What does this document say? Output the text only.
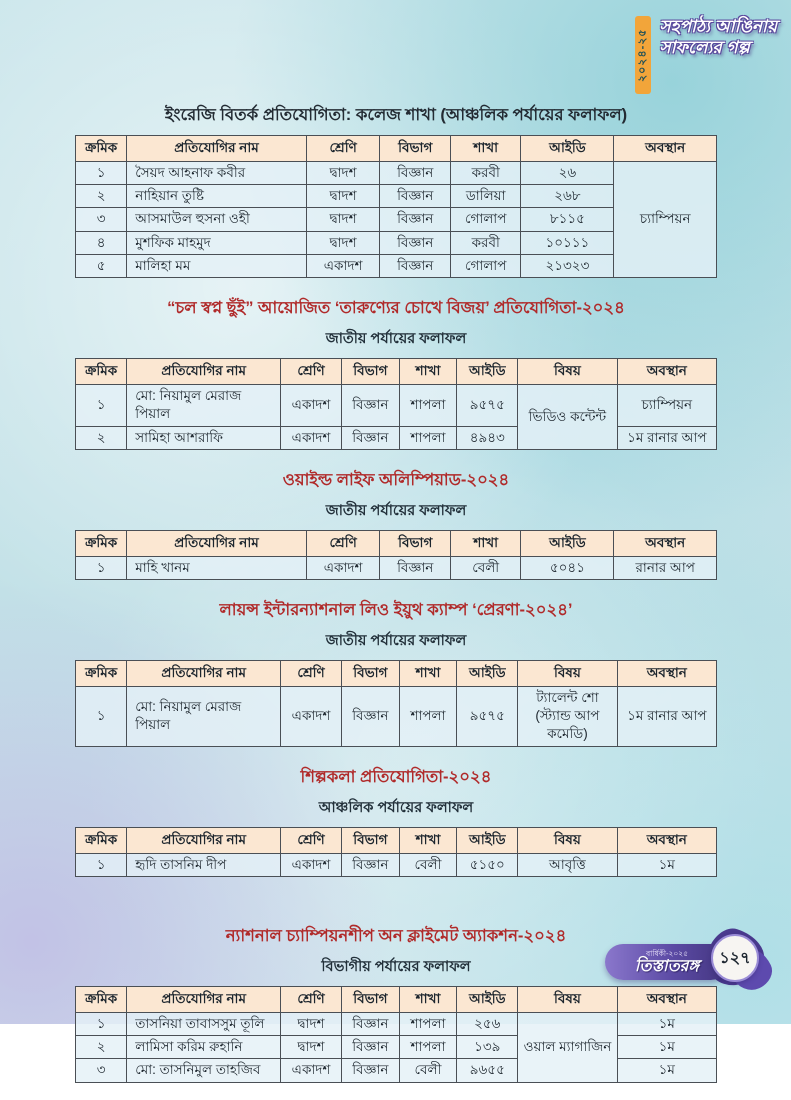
২০২৪-২৫
সহপাঠ্য আঙিনায়
সাফল্যের গল্প
ইংরেজি বিতর্ক প্রতিযোগিতা: কলেজ শাখা (আঞ্চলিক পর্যায়ের ফলাফল)
ক্রমিক	প্রতিযোগির নাম	শ্রেণি	বিভাগ	শাখা	আইডি	অবস্থান
১	সৈয়দ আহনাফ কবীর	দ্বাদশ	বিজ্ঞান	করবী	২৬	চ্যাম্পিয়ন
২	নাহিয়ান তুষ্টি	দ্বাদশ	বিজ্ঞান	ডালিয়া	২৬৮	
৩	আসমাউল হুসনা ওহী	দ্বাদশ	বিজ্ঞান	গোলাপ	৮১১৫	
৪	মুশফিক মাহমুদ	দ্বাদশ	বিজ্ঞান	করবী	১০১১১	
৫	মালিহা মম	একাদশ	বিজ্ঞান	গোলাপ	২১৩২৩	
“চল স্বপ্ন ছুঁই” আয়োজিত ‘তারুণ্যের চোখে বিজয়’ প্রতিযোগিতা-২০২৪
জাতীয় পর্যায়ের ফলাফল
ক্রমিক	প্রতিযোগির নাম	শ্রেণি	বিভাগ	শাখা	আইডি	বিষয়	অবস্থান
১	মো: নিয়ামুল মেরাজ পিয়াল	একাদশ	বিজ্ঞান	শাপলা	৯৫৭৫	ভিডিও কন্টেন্ট	চ্যাম্পিয়ন
২	সামিহা আশরাফি	একাদশ	বিজ্ঞান	শাপলা	৪৯৪৩		১ম রানার আপ
ওয়াইল্ড লাইফ অলিম্পিয়াড-২০২৪
জাতীয় পর্যায়ের ফলাফল
ক্রমিক	প্রতিযোগির নাম	শ্রেণি	বিভাগ	শাখা	আইডি	অবস্থান
১	মাহি খানম	একাদশ	বিজ্ঞান	বেলী	৫০৪১	রানার আপ
লায়ন্স ইন্টারন্যাশনাল লিও ইয়ুথ ক্যাম্প ‘প্রেরণা-২০২৪’
জাতীয় পর্যায়ের ফলাফল
ক্রমিক	প্রতিযোগির নাম	শ্রেণি	বিভাগ	শাখা	আইডি	বিষয়	অবস্থান
১	মো: নিয়ামুল মেরাজ পিয়াল	একাদশ	বিজ্ঞান	শাপলা	৯৫৭৫	ট্যালেন্ট শো (স্ট্যান্ড আপ কমেডি)	১ম রানার আপ
শিল্পকলা প্রতিযোগিতা-২০২৪
আঞ্চলিক পর্যায়ের ফলাফল
ক্রমিক	প্রতিযোগির নাম	শ্রেণি	বিভাগ	শাখা	আইডি	বিষয়	অবস্থান
১	হৃদি তাসনিম দীপ	একাদশ	বিজ্ঞান	বেলী	৫১৫০	আবৃত্তি	১ম
ন্যাশনাল চ্যাম্পিয়নশীপ অন ক্লাইমেট অ্যাকশন-২০২৪
বিভাগীয় পর্যায়ের ফলাফল
ক্রমিক	প্রতিযোগির নাম	শ্রেণি	বিভাগ	শাখা	আইডি	বিষয়	অবস্থান
১	তাসনিয়া তাবাসসুম তূলি	দ্বাদশ	বিজ্ঞান	শাপলা	২৫৬	ওয়াল ম্যাগাজিন	১ম
২	লামিসা করিম রুহানি	দ্বাদশ	বিজ্ঞান	শাপলা	১৩৯		১ম
৩	মো: তাসনিমুল তাহজিব	একাদশ	বিজ্ঞান	বেলী	৯৬৫৫		১ম
বার্ষিকী-২০২৫
তিস্তাতরঙ্গ ১২৭
